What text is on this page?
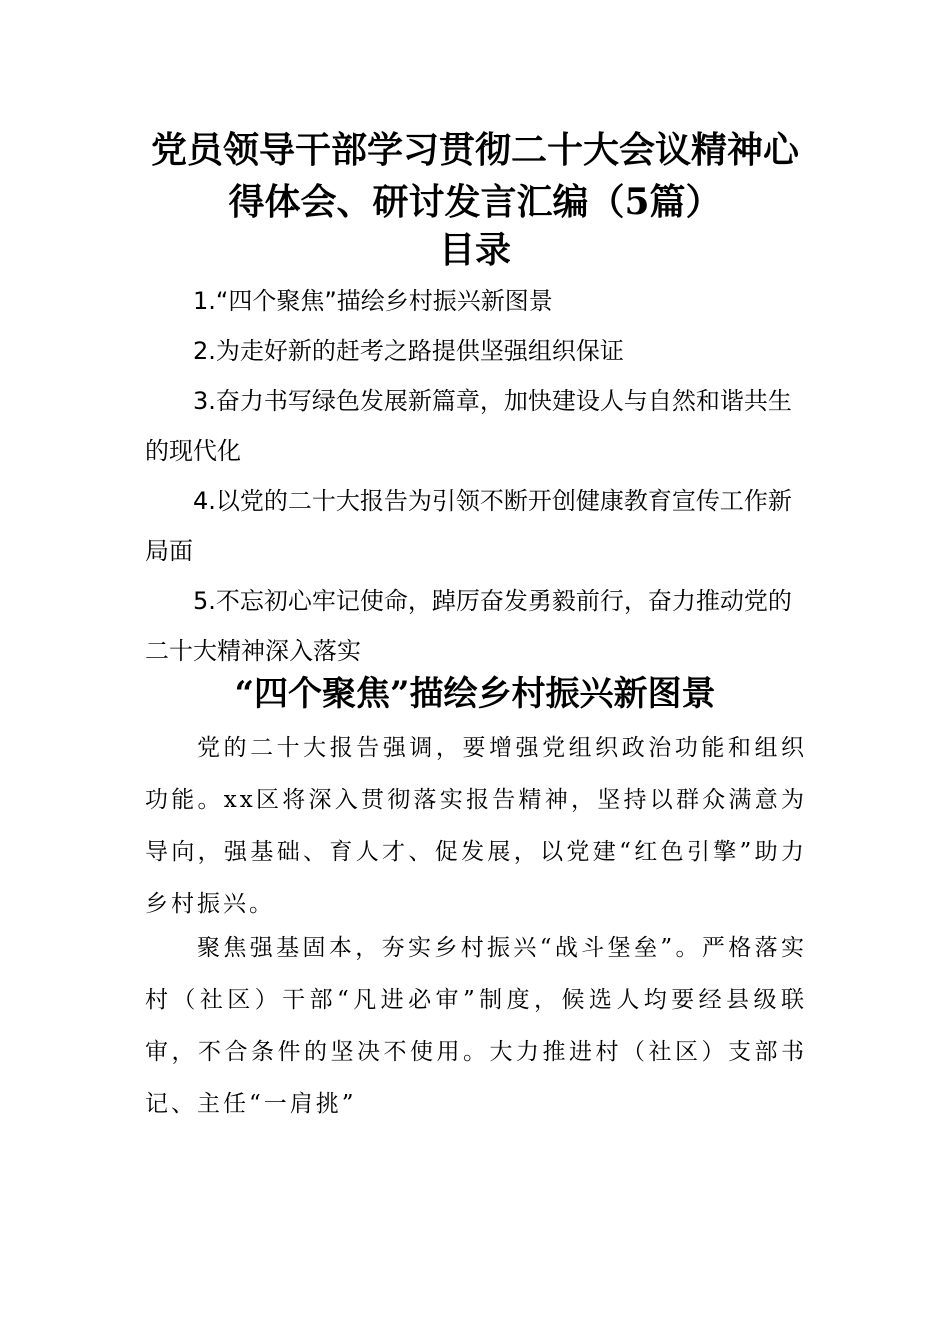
党员领导干部学习贯彻二十大会议精神心
得体会、研讨发言汇编（5篇）
目录

1.“四个聚焦”描绘乡村振兴新图景

2.为走好新的赶考之路提供坚强组织保证

3.奋力书写绿色发展新篇章，加快建设人与自然和谐共生的现代化

4.以党的二十大报告为引领不断开创健康教育宣传工作新局面

5.不忘初心牢记使命，踔厉奋发勇毅前行，奋力推动党的二十大精神深入落实

“四个聚焦”描绘乡村振兴新图景

党的二十大报告强调，要增强党组织政治功能和组织功能。xx区将深入贯彻落实报告精神，坚持以群众满意为导向，强基础、育人才、促发展，以党建“红色引擎”助力乡村振兴。

聚焦强基固本，夯实乡村振兴“战斗堡垒”。严格落实村（社区）干部“凡进必审”制度，候选人均要经县级联审，不合条件的坚决不使用。大力推进村（社区）支部书记、主任“一肩挑”
